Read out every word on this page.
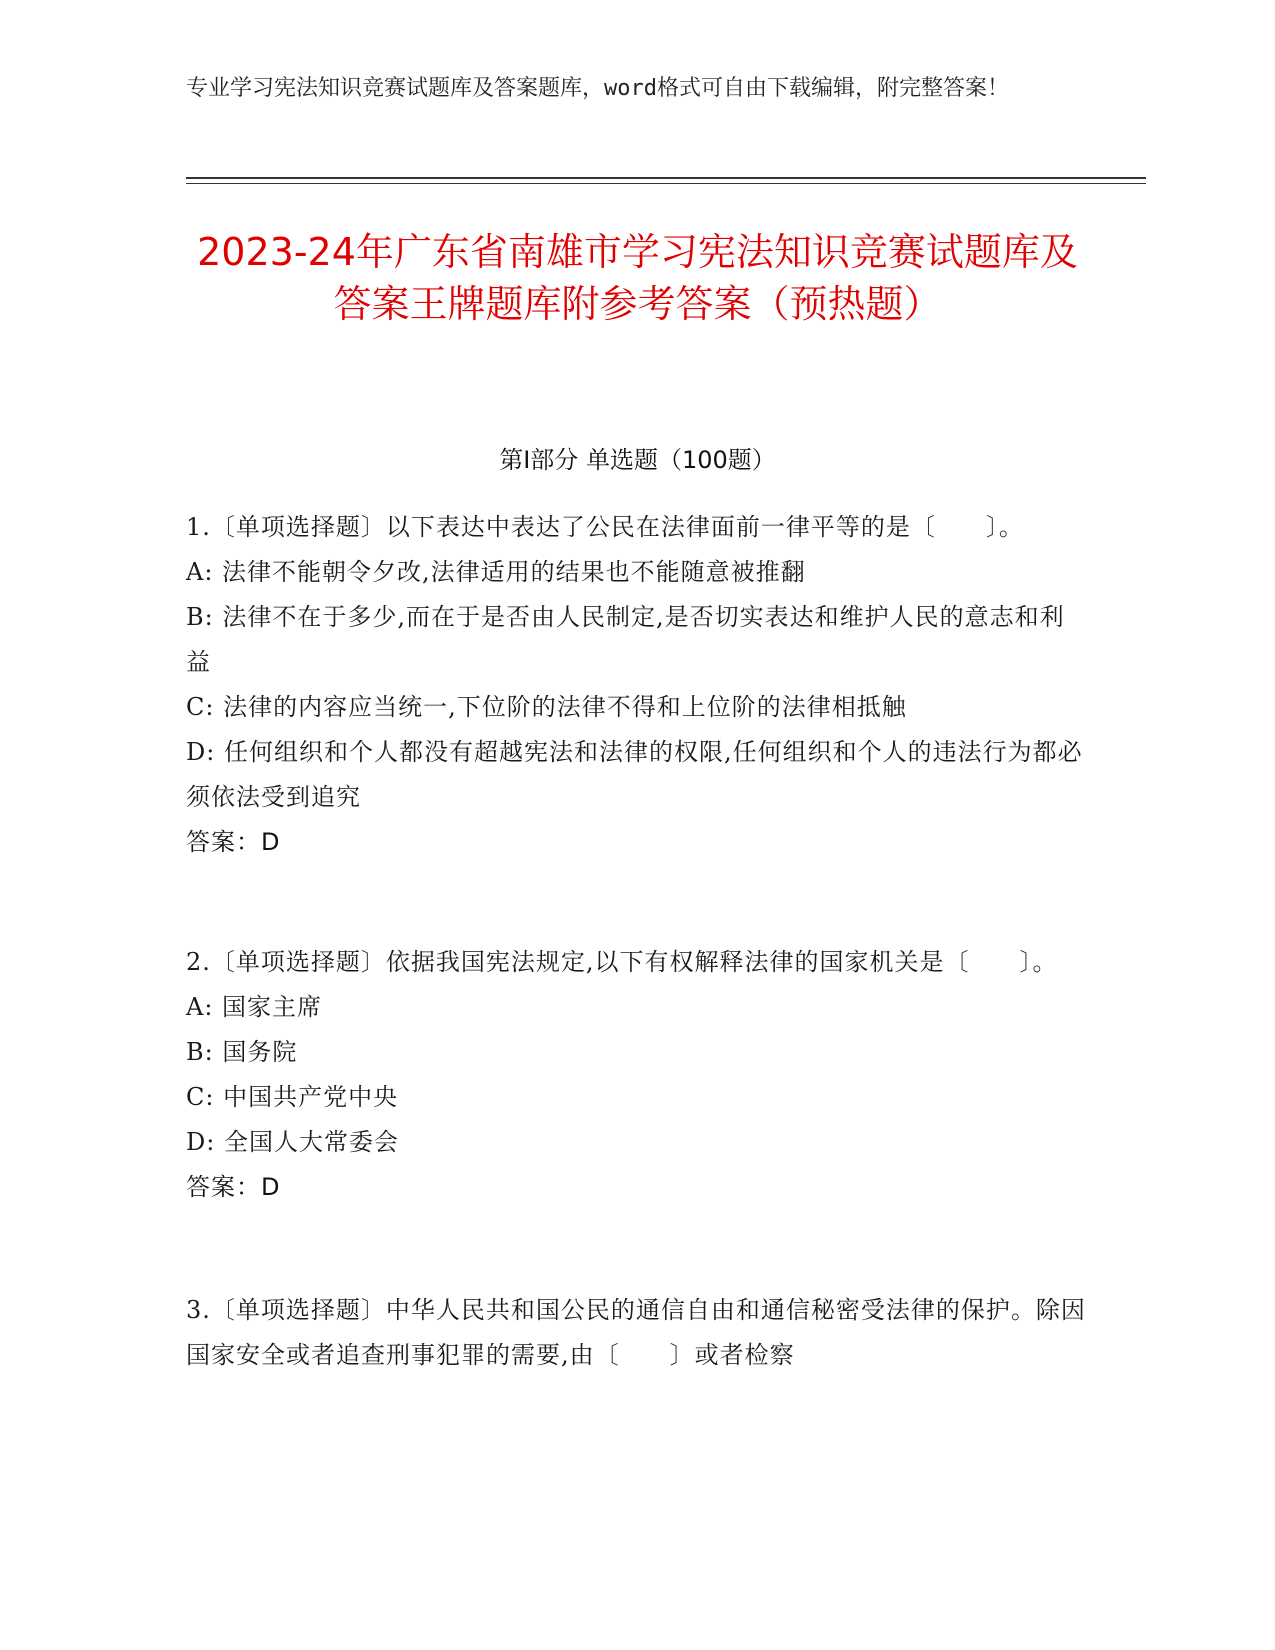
专业学习宪法知识竞赛试题库及答案题库，word格式可自由下载编辑，附完整答案！
2023-24年广东省南雄市学习宪法知识竞赛试题库及答案王牌题库附参考答案（预热题）
第I部分 单选题（100题）

1.〔单项选择题〕以下表达中表达了公民在法律面前一律平等的是〔　　〕。

A: 法律不能朝令夕改,法律适用的结果也不能随意被推翻

B: 法律不在于多少,而在于是否由人民制定,是否切实表达和维护人民的意志和利益

C: 法律的内容应当统一,下位阶的法律不得和上位阶的法律相抵触

D: 任何组织和个人都没有超越宪法和法律的权限,任何组织和个人的违法行为都必须依法受到追究

答案：D

2.〔单项选择题〕依据我国宪法规定,以下有权解释法律的国家机关是〔　　〕。

A: 国家主席

B: 国务院

C: 中国共产党中央

D: 全国人大常委会

答案：D

3.〔单项选择题〕中华人民共和国公民的通信自由和通信秘密受法律的保护。除因国家安全或者追查刑事犯罪的需要,由〔　　〕或者检察
